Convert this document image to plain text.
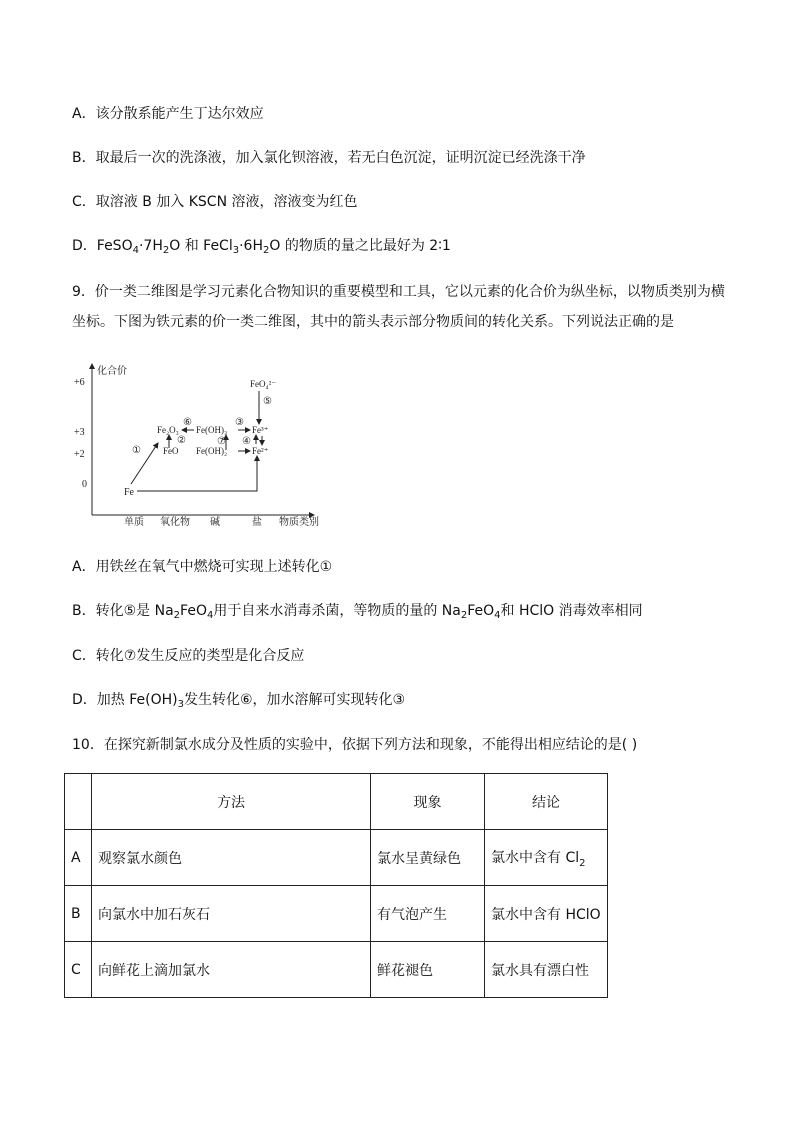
A．该分散系能产生丁达尔效应
B．取最后一次的洗涤液，加入氯化钡溶液，若无白色沉淀，证明沉淀已经洗涤干净
C．取溶液 B 加入 KSCN 溶液，溶液变为红色
D．$FeSO_4\cdot 7H_2O$ 和 $FeCl_3\cdot 6H_2O$ 的物质的量之比最好为 2∶1
9．价一类二维图是学习元素化合物知识的重要模型和工具，它以元素的化合价为纵坐标，以物质类别为横
坐标。下图为铁元素的价一类二维图，其中的箭头表示部分物质间的转化关系。下列说法正确的是
化合价
物质类别
+6
+3
+2
0
单质 氧化物 碱	盐
Fe
Fe₂O₃
FeO
Fe(OH)₃
Fe(OH)₂
Fe³⁺
Fe²⁺
FeO₄²⁻
①
②
③
④
⑤
⑥
⑦
A．用铁丝在氧气中燃烧可实现上述转化①
B．转化⑤是 $Na_2FeO_4$用于自来水消毒杀菌，等物质的量的 $Na_2FeO_4$和 HClO 消毒效率相同
C．转化⑦发生反应的类型是化合反应
D．加热 $Fe(OH)_3$发生转化⑥，加水溶解可实现转化③
10．在探究新制氯水成分及性质的实验中，依据下列方法和现象，不能得出相应结论的是( )
	方法	现象	结论
A	观察氯水颜色	氯水呈黄绿色	氯水中含有 $Cl_2$
B	向氯水中加石灰石	有气泡产生	氯水中含有 HClO
C	向鲜花上滴加氯水	鲜花褪色	氯水具有漂白性
